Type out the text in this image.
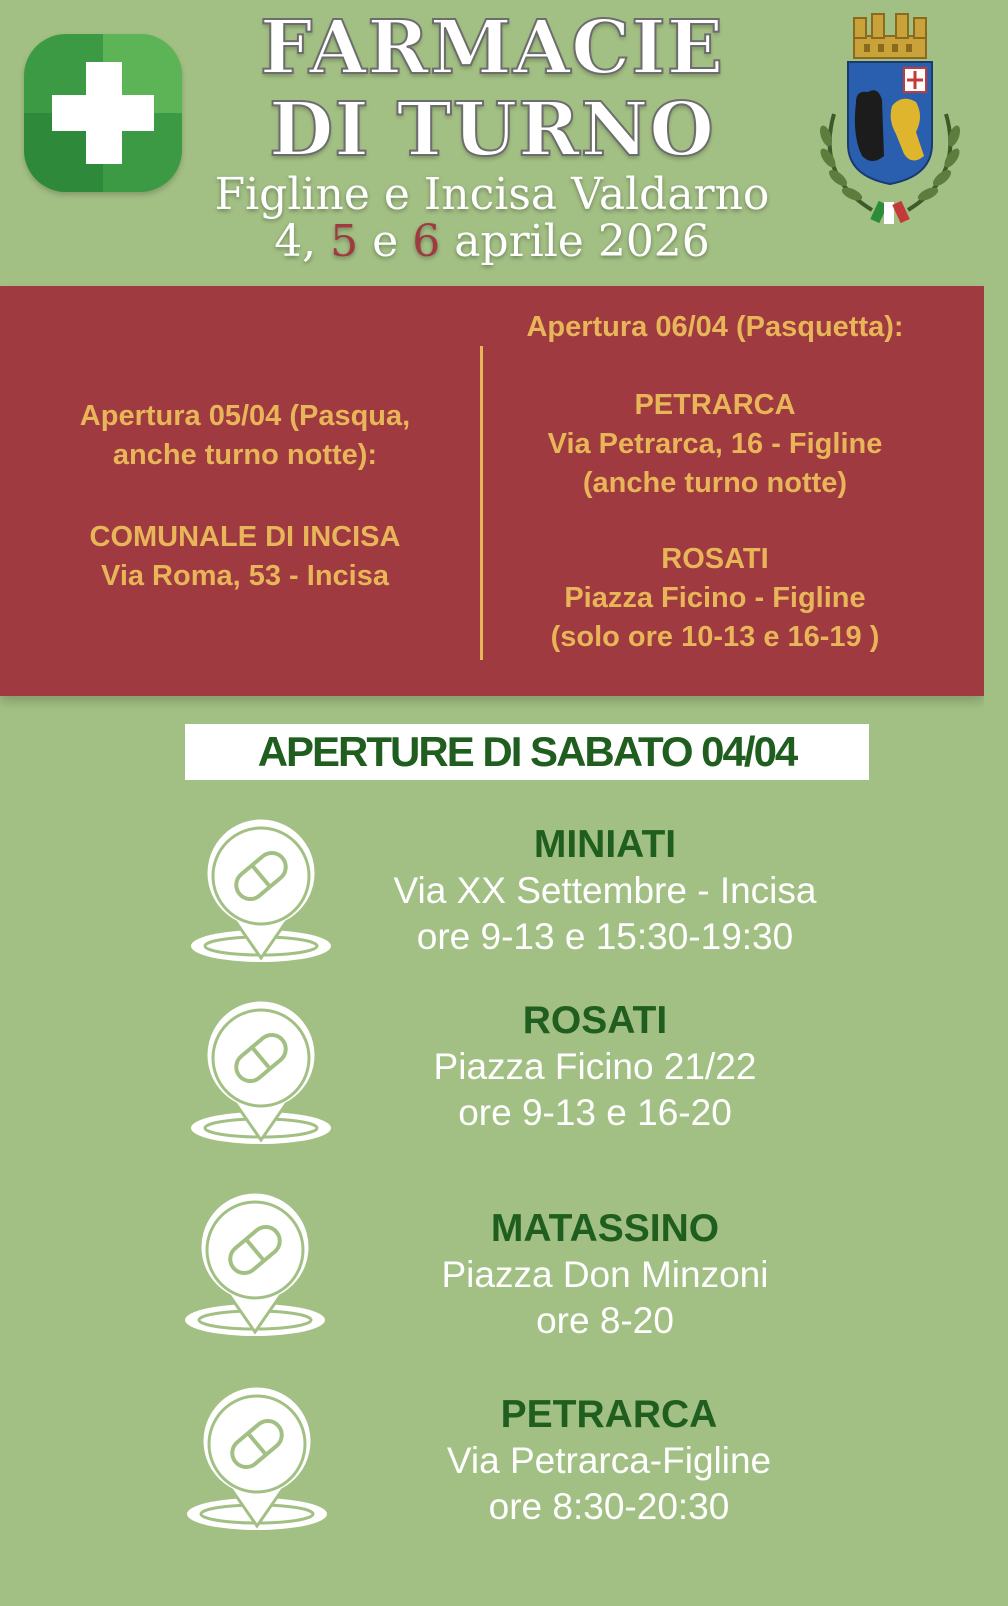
FARMACIE
DI TURNO
Figline e Incisa Valdarno
4, 5 e 6 aprile 2026
Apertura 05/04 (Pasqua,
anche turno notte):
COMUNALE DI INCISA
Via Roma, 53 - Incisa
Apertura 06/04 (Pasquetta):
PETRARCA
Via Petrarca, 16 - Figline
(anche turno notte)
ROSATI
Piazza Ficino - Figline
(solo ore 10-13 e 16-19 )
APERTURE DI SABATO 04/04
MINIATI
Via XX Settembre - Incisa
ore 9-13 e 15:30-19:30
ROSATI
Piazza Ficino 21/22
ore 9-13 e 16-20
MATASSINO
Piazza Don Minzoni
ore 8-20
PETRARCA
Via Petrarca-Figline
ore 8:30-20:30
